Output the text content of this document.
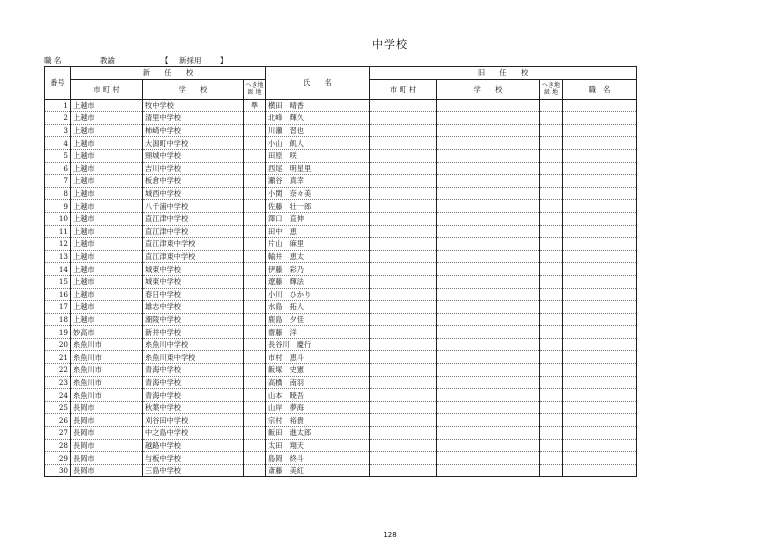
中学校
職 名	教諭	【 新採用 】
番号	新　　任　　校			氏　　名	旧　　任　　校			
	市 町 村	学　　校	へき地級 地		市 町 村	学　　校	へき地級 地	職　名
1	上越市	牧中学校	準	横田　晴香				
2	上越市	清里中学校		北峰　輝久				
3	上越市	柿崎中学校		川瀬　習也				
4	上越市	大潟町中学校		小山　飢人				
5	上越市	頸城中学校		田原　咲				
6	上越市	吉川中学校		西尾　明星里				
7	上越市	板倉中学校		瀬谷　真幸				
8	上越市	城西中学校		小関　奈々美				
9	上越市	八千浦中学校		佐藤　壮一郎				
10	上越市	直江津中学校		澤口　直伸				
11	上越市	直江津中学校		田中　恵				
12	上越市	直江津東中学校		片山　麻里				
13	上越市	直江津東中学校		輸井　恵太				
14	上越市	城東中学校		伊藤　彩乃				
15	上越市	城東中学校		遼藤　輝法				
16	上越市	春日中学校		小川　ひかり				
17	上越市	雄志中学校		水島　拓人				
18	上越市	潮陵中学校		鹿島　夕佳				
19	妙高市	新井中学校		齋藤　洋				
20	糸魚川市	糸魚川中学校		長谷川　慶行				
21	糸魚川市	糸魚川東中学校		市村　恵斗				
22	糸魚川市	青海中学校		飯塚　史憲				
23	糸魚川市	青海中学校		高橋　南羽				
24	糸魚川市	青海中学校		山本　暁吾				
25	長岡市	秋葉中学校		山岸　夢海				
26	長岡市	刈谷田中学校		宗村　裕貴				
27	長岡市	中之島中学校		飯田　進太郎				
28	長岡市	越路中学校		太田　翔天				
29	長岡市	与板中学校		島岡　終斗				
30	長岡市	三島中学校		斎藤　美紅				
128
